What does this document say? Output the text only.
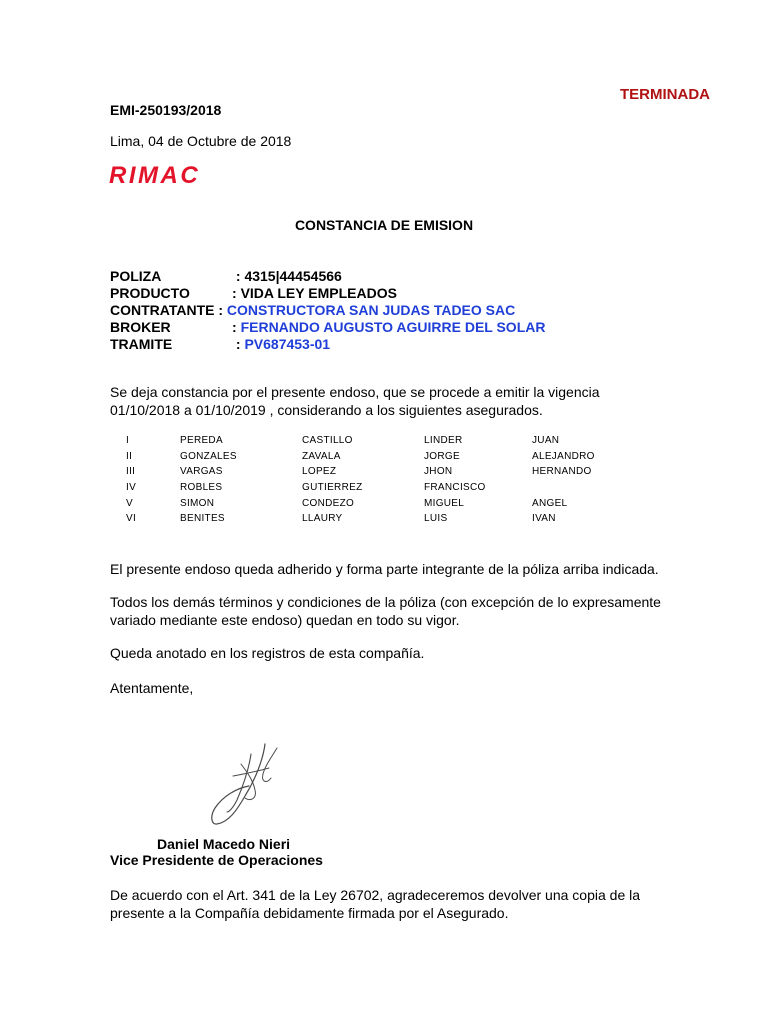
TERMINADA
EMI-250193/2018
Lima, 04 de Octubre de 2018
RIMAC
CONSTANCIA DE EMISION
POLIZA	: 4315|44454566
PRODUCTO	: VIDA LEY EMPLEADOS
CONTRATANTE : CONSTRUCTORA SAN JUDAS TADEO SAC
BROKER	: FERNANDO AUGUSTO AGUIRRE DEL SOLAR
TRAMITE	: PV687453-01
Se deja constancia por el presente endoso, que se procede a emitir la vigencia
01/10/2018 a 01/10/2019 , considerando a los siguientes asegurados.
I	PEREDA	CASTILLO	LINDER	JUAN
II	GONZALES	ZAVALA	JORGE	ALEJANDRO
III	VARGAS	LOPEZ	JHON	HERNANDO
IV	ROBLES	GUTIERREZ	FRANCISCO	
V	SIMON	CONDEZO	MIGUEL	ANGEL
VI	BENITES	LLAURY	LUIS	IVAN
El presente endoso queda adherido y forma parte integrante de la póliza arriba indicada.
Todos los demás términos y condiciones de la póliza (con excepción de lo expresamente
variado mediante este endoso) quedan en todo su vigor.
Queda anotado en los registros de esta compañía.
Atentamente,
Daniel Macedo Nieri
Vice Presidente de Operaciones
De acuerdo con el Art. 341 de la Ley 26702, agradeceremos devolver una copia de la
presente a la Compañía debidamente firmada por el Asegurado.
